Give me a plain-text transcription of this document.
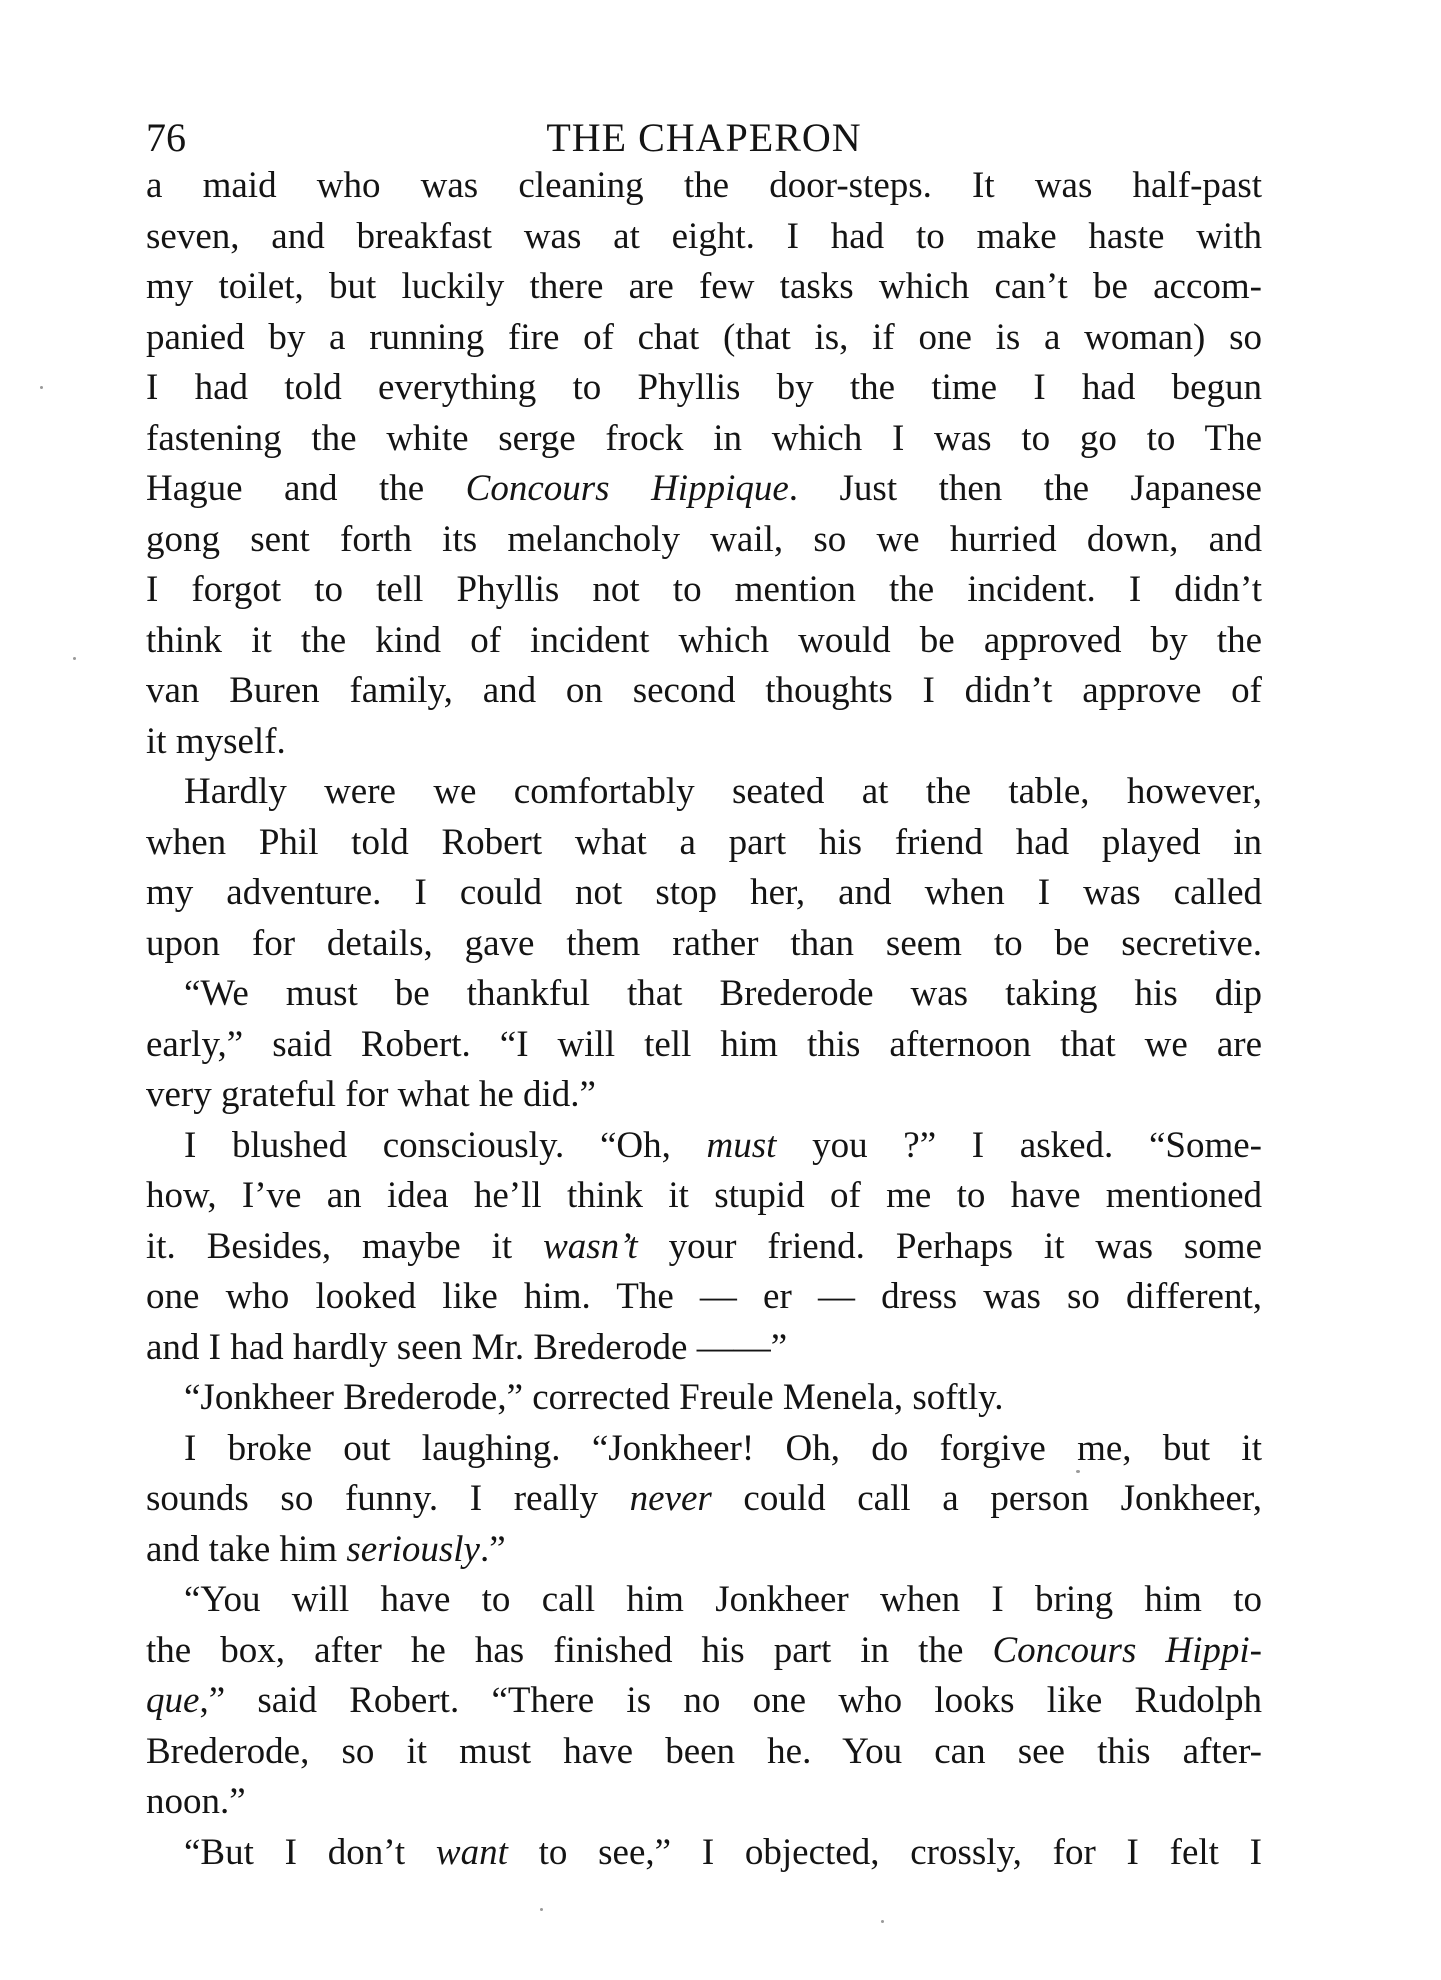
76	THE CHAPERON
a maid who was cleaning the door-steps. It was half-past
seven, and breakfast was at eight. I had to make haste with
my toilet, but luckily there are few tasks which can’t be accom-
panied by a running fire of chat (that is, if one is a woman) so
I had told everything to Phyllis by the time I had begun
fastening the white serge frock in which I was to go to The
Hague and the Concours Hippique. Just then the Japanese
gong sent forth its melancholy wail, so we hurried down, and
I forgot to tell Phyllis not to mention the incident. I didn’t
think it the kind of incident which would be approved by the
van Buren family, and on second thoughts I didn’t approve of
it myself.
Hardly were we comfortably seated at the table, however,
when Phil told Robert what a part his friend had played in
my adventure. I could not stop her, and when I was called
upon for details, gave them rather than seem to be secretive.
“We must be thankful that Brederode was taking his dip
early,” said Robert. “I will tell him this afternoon that we are
very grateful for what he did.”
I blushed consciously. “Oh, must you ?” I asked. “Some-
how, I’ve an idea he’ll think it stupid of me to have mentioned
it. Besides, maybe it wasn’t your friend. Perhaps it was some
one who looked like him. The — er — dress was so different,
and I had hardly seen Mr. Brederode ——”
“Jonkheer Brederode,” corrected Freule Menela, softly.
I broke out laughing. “Jonkheer! Oh, do forgive me, but it
sounds so funny. I really never could call a person Jonkheer,
and take him seriously.”
“You will have to call him Jonkheer when I bring him to
the box, after he has finished his part in the Concours Hippi-
que,” said Robert. “There is no one who looks like Rudolph
Brederode, so it must have been he. You can see this after-
noon.”
“But I don’t want to see,” I objected, crossly, for I felt I
